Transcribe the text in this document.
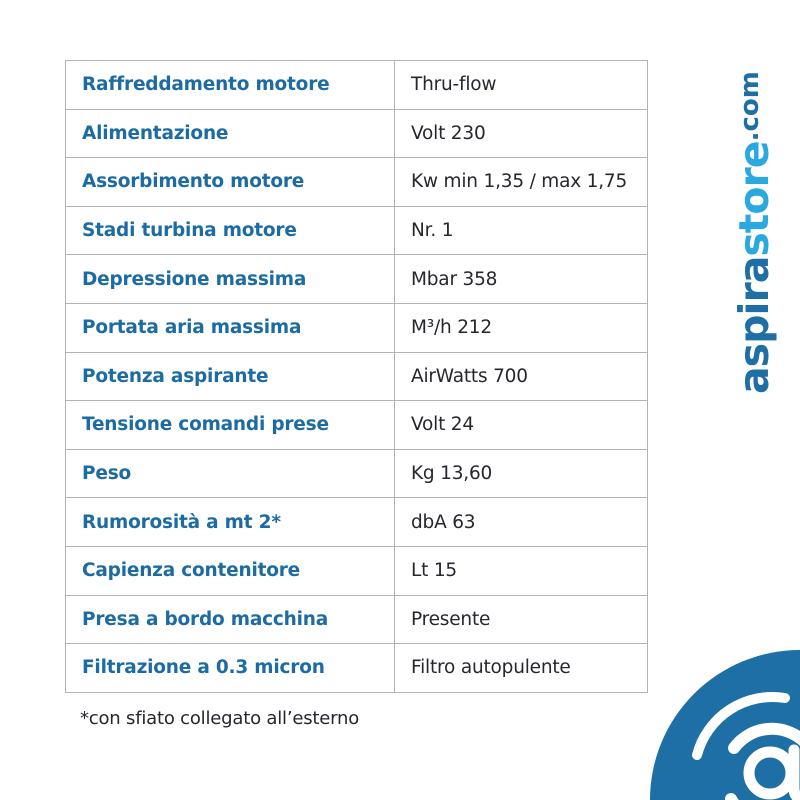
Raffreddamento motore	Thru-flow
Alimentazione	Volt 230
Assorbimento motore	Kw min 1,35 / max 1,75
Stadi turbina motore	Nr. 1
Depressione massima	Mbar 358
Portata aria massima	M³/h 212
Potenza aspirante	AirWatts 700
Tensione comandi prese	Volt 24
Peso	Kg 13,60
Rumorosità a mt 2*	dbA 63
Capienza contenitore	Lt 15
Presa a bordo macchina	Presente
Filtrazione a 0.3 micron	Filtro autopulente
*con sfiato collegato all’esterno
aspirastore$^{.com}$
